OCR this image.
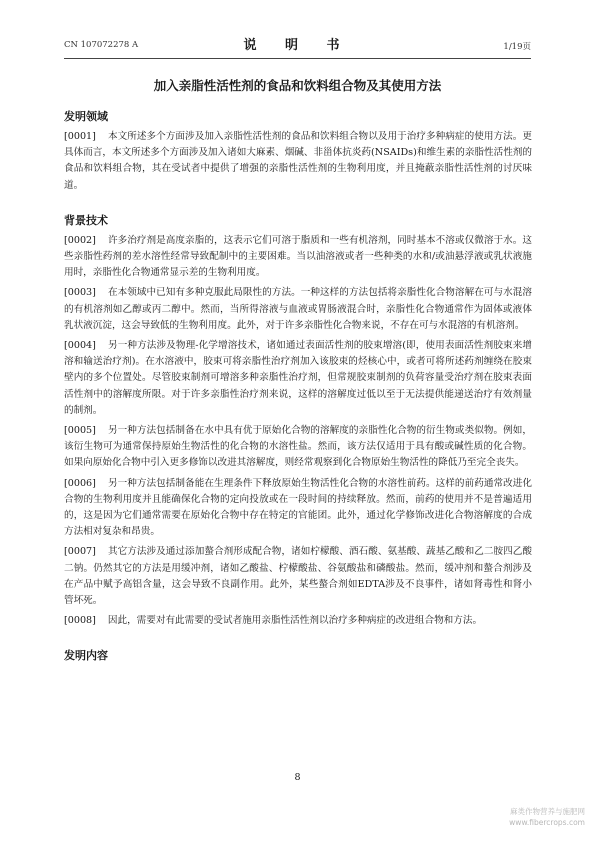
CN 107072278 A	说 明 书	1/19页
加入亲脂性活性剂的食品和饮料组合物及其使用方法
发明领域

[0001] 本文所述多个方面涉及加入亲脂性活性剂的食品和饮料组合物以及用于治疗多种病症的使用方法。更具体而言，本文所述多个方面涉及加入诸如大麻素、烟碱、非甾体抗炎药(NSAIDs)和维生素的亲脂性活性剂的食品和饮料组合物，其在受试者中提供了增强的亲脂性活性剂的生物利用度，并且掩蔽亲脂性活性剂的讨厌味道。

背景技术

[0002] 许多治疗剂是高度亲脂的，这表示它们可溶于脂质和一些有机溶剂，同时基本不溶或仅微溶于水。这些亲脂性药剂的差水溶性经常导致配制中的主要困难。当以油溶液或者一些种类的水和/或油悬浮液或乳状液施用时，亲脂性化合物通常显示差的生物利用度。

[0003] 在本领域中已知有多种克服此局限性的方法。一种这样的方法包括将亲脂性化合物溶解在可与水混溶的有机溶剂如乙醇或丙二醇中。然而，当所得溶液与血液或胃肠液混合时，亲脂性化合物通常作为固体或液体乳状液沉淀，这会导致低的生物利用度。此外，对于许多亲脂性化合物来说，不存在可与水混溶的有机溶剂。

[0004] 另一种方法涉及物理-化学增溶技术，诸如通过表面活性剂的胶束增溶(即，使用表面活性剂胶束来增溶和输送治疗剂)。在水溶液中，胶束可将亲脂性治疗剂加入该胶束的烃核心中，或者可将所述药剂缠绕在胶束壁内的多个位置处。尽管胶束制剂可增溶多种亲脂性治疗剂，但常规胶束制剂的负荷容量受治疗剂在胶束表面活性剂中的溶解度所限。对于许多亲脂性治疗剂来说，这样的溶解度过低以至于无法提供能递送治疗有效剂量的制剂。

[0005] 另一种方法包括制备在水中具有优于原始化合物的溶解度的亲脂性化合物的衍生物或类似物。例如，该衍生物可为通常保持原始生物活性的化合物的水溶性盐。然而，该方法仅适用于具有酸或碱性质的化合物。如果向原始化合物中引入更多修饰以改进其溶解度，则经常观察到化合物原始生物活性的降低乃至完全丧失。

[0006] 另一种方法包括制备能在生理条件下释放原始生物活性化合物的水溶性前药。这样的前药通常改进化合物的生物利用度并且能确保化合物的定向投放或在一段时间的持续释放。然而，前药的使用并不是普遍适用的，这是因为它们通常需要在原始化合物中存在特定的官能团。此外，通过化学修饰改进化合物溶解度的合成方法相对复杂和昂贵。

[0007] 其它方法涉及通过添加螯合剂形成配合物，诸如柠檬酸、酒石酸、氨基酸、蔬基乙酸和乙二胺四乙酸二钠。仍然其它的方法是用缓冲剂，诸如乙酸盐、柠檬酸盐、谷氨酸盐和磷酸盐。然而，缓冲剂和螯合剂涉及在产品中赋予高铝含量，这会导致不良副作用。此外，某些螯合剂如EDTA涉及不良事件，诸如肾毒性和肾小管坏死。

[0008] 因此，需要对有此需要的受试者施用亲脂性活性剂以治疗多种病症的改进组合物和方法。

发明内容
8
麻类作物营养与施肥网
www.fibercrops.com
